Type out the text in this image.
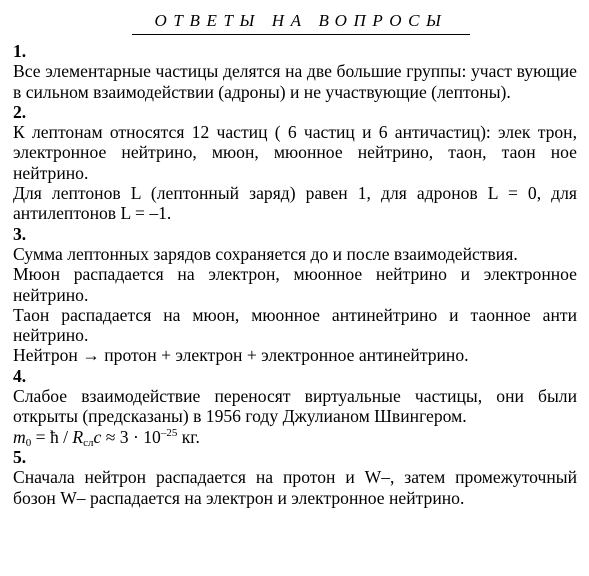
ОТВЕТЫ НА ВОПРОСЫ
1.
Все элементарные частицы делятся на две большие группы: участ вующие в сильном взаимодействии (адроны) и не участвующие (лептоны).
2.
К лептонам относятся 12 частиц ( 6 частиц и 6 античастиц): элек трон, электронное нейтрино, мюон, мюонное нейтрино, таон, таон ное нейтрино.
Для лептонов L (лептонный заряд) равен 1, для адронов L = 0, для антилептонов L = –1.
3.
Сумма лептонных зарядов сохраняется до и после взаимодействия.
Мюон распадается на электрон, мюонное нейтрино и электронное нейтрино.
Таон распадается на мюон, мюонное антинейтрино и таонное анти нейтрино.
Нейтрон → протон + электрон + электронное антинейтрино.
4.
Слабое взаимодействие переносят виртуальные частицы, они были открыты (предсказаны) в 1956 году Джулианом Швингером.
$m_0$ = ħ / $R_{сл}c \approx 3 \cdot 10^{-25}$ кг.
5.
Сначала нейтрон распадается на протон и W–, затем промежуточный бозон W– распадается на электрон и электронное нейтрино.
